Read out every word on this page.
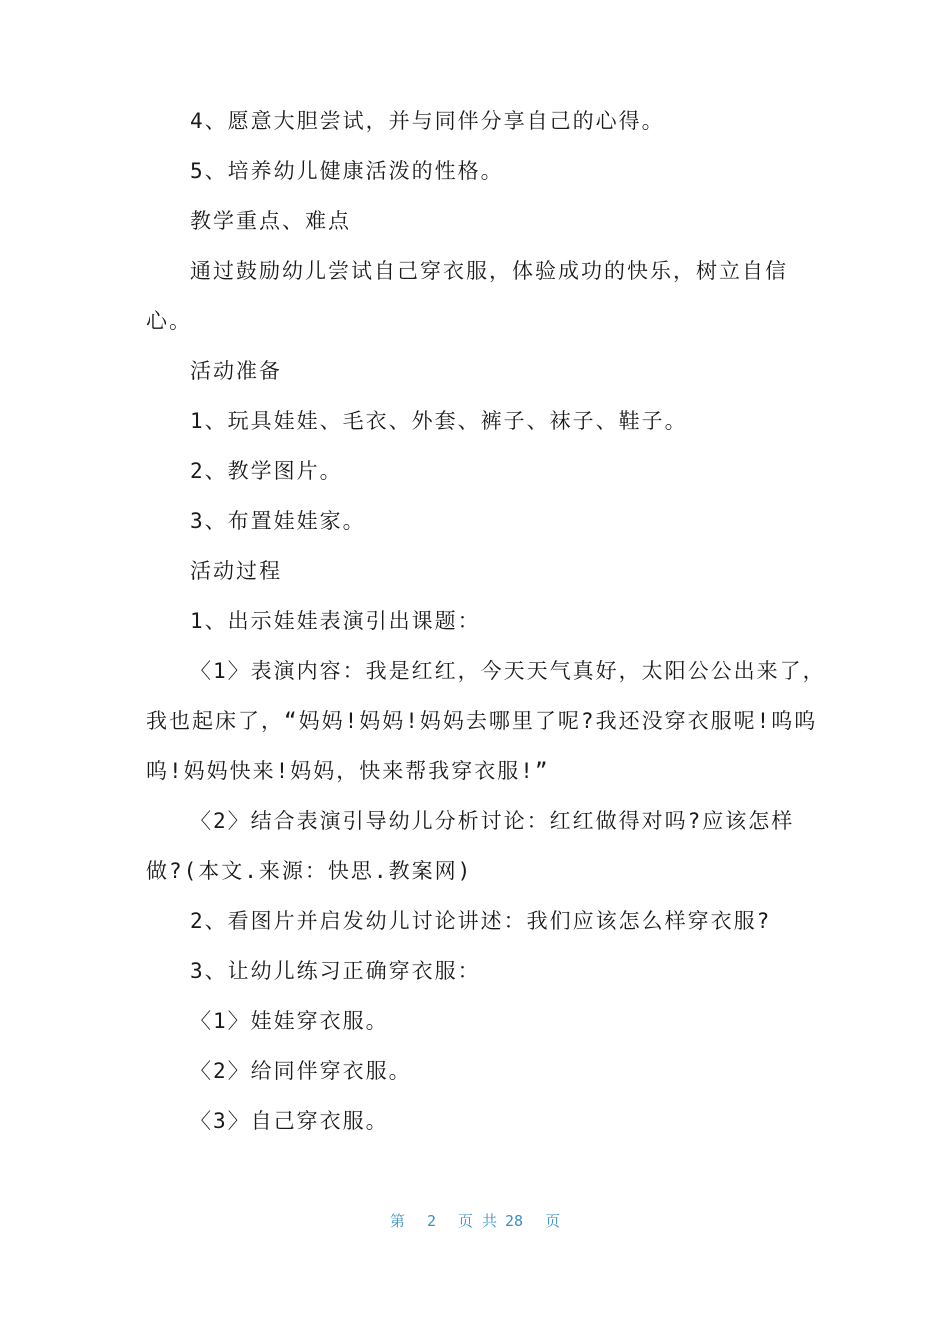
4、愿意大胆尝试，并与同伴分享自己的心得。
5、培养幼儿健康活泼的性格。
教学重点、难点
通过鼓励幼儿尝试自己穿衣服，体验成功的快乐，树立自信
心。
活动准备
1、玩具娃娃、毛衣、外套、裤子、袜子、鞋子。
2、教学图片。
3、布置娃娃家。
活动过程
1、出示娃娃表演引出课题：
〈1〉表演内容：我是红红，今天天气真好，太阳公公出来了，
我也起床了，“妈妈!妈妈!妈妈去哪里了呢?我还没穿衣服呢!呜呜
呜!妈妈快来!妈妈，快来帮我穿衣服!”
〈2〉结合表演引导幼儿分析讨论：红红做得对吗?应该怎样
做?(本文.来源：快思.教案网)
2、看图片并启发幼儿讨论讲述：我们应该怎么样穿衣服?
3、让幼儿练习正确穿衣服：
〈1〉娃娃穿衣服。
〈2〉给同伴穿衣服。
〈3〉自己穿衣服。
第 2 页 共 28 页
